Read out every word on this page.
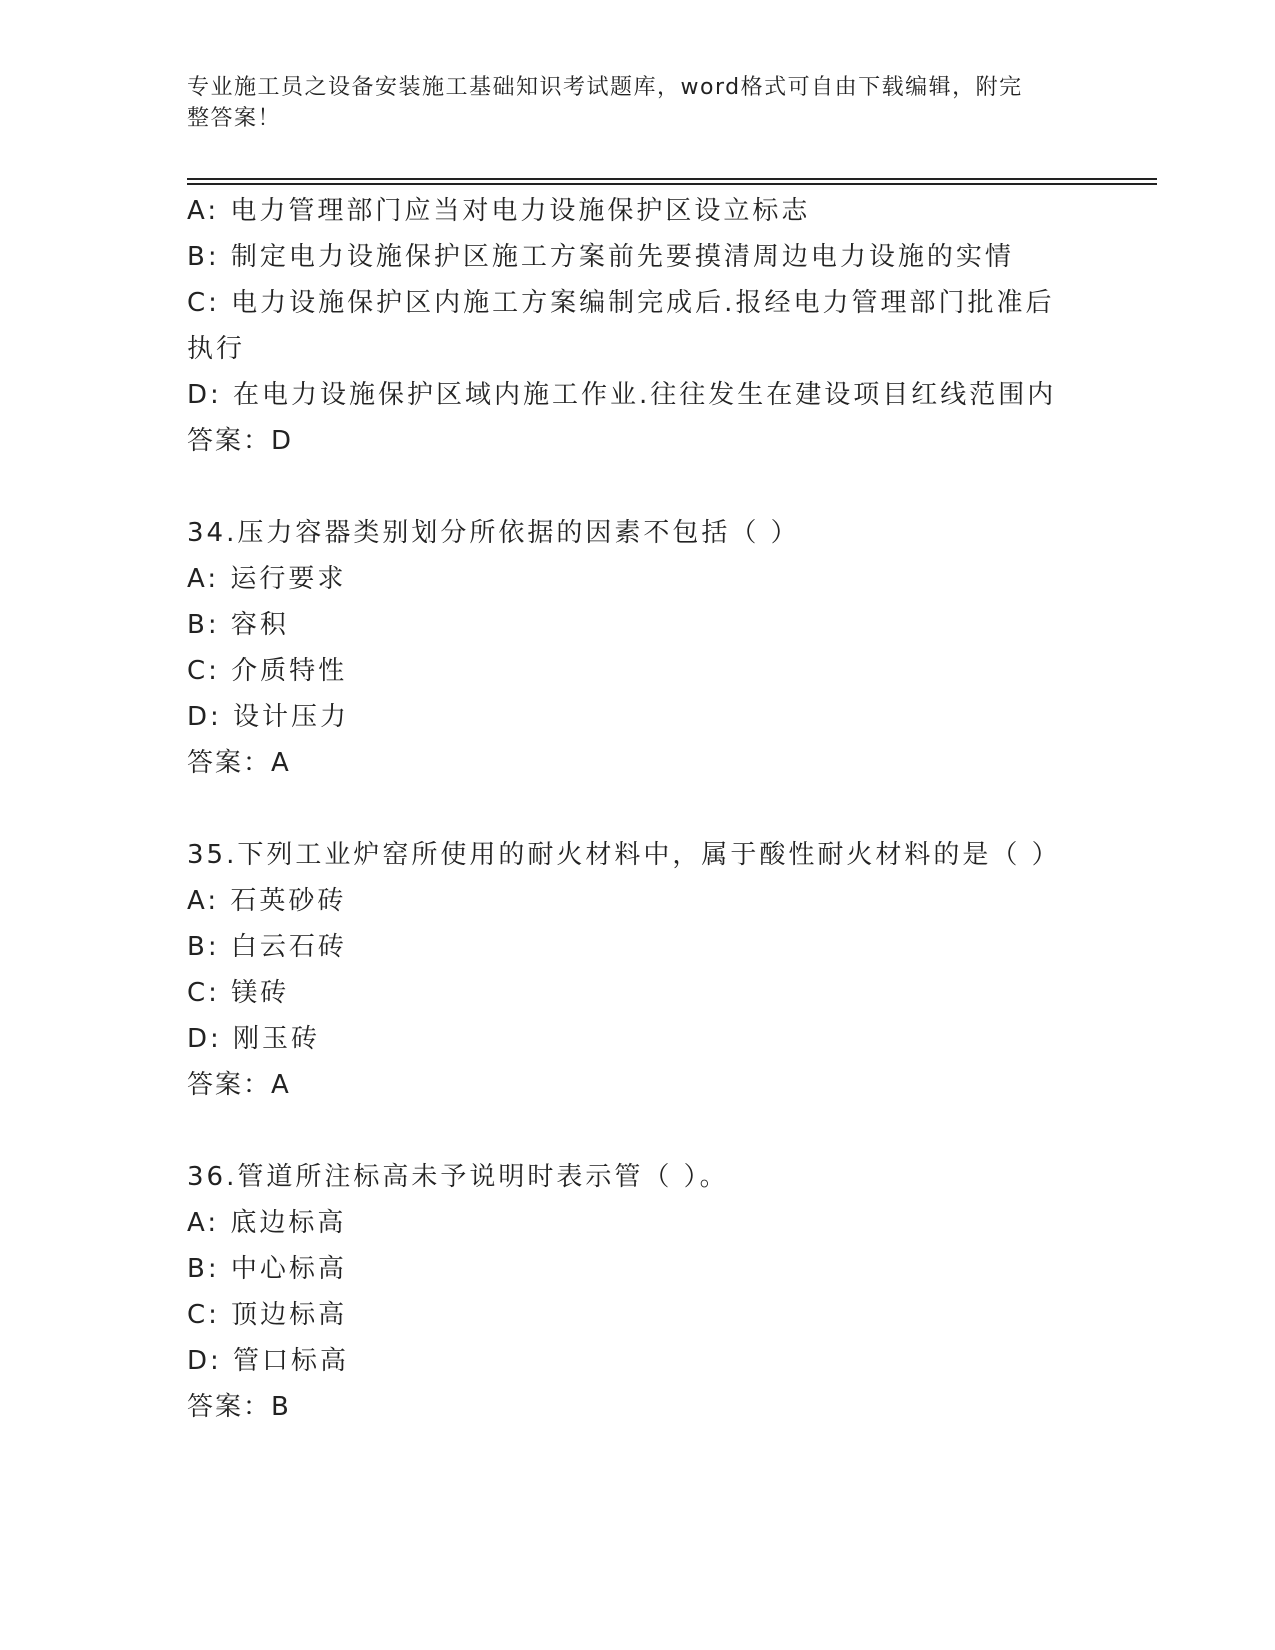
专业施工员之设备安装施工基础知识考试题库，word格式可自由下载编辑，附完
整答案！
A: 电力管理部门应当对电力设施保护区设立标志
B: 制定电力设施保护区施工方案前先要摸清周边电力设施的实情
C: 电力设施保护区内施工方案编制完成后.报经电力管理部门批准后
执行
D: 在电力设施保护区域内施工作业.往往发生在建设项目红线范围内
答案：D
34.压力容器类别划分所依据的因素不包括（ ）
A: 运行要求
B: 容积
C: 介质特性
D: 设计压力
答案：A
35.下列工业炉窑所使用的耐火材料中，属于酸性耐火材料的是（ ）
A: 石英砂砖
B: 白云石砖
C: 镁砖
D: 刚玉砖
答案：A
36.管道所注标高未予说明时表示管（ ）。
A: 底边标高
B: 中心标高
C: 顶边标高
D: 管口标高
答案：B
